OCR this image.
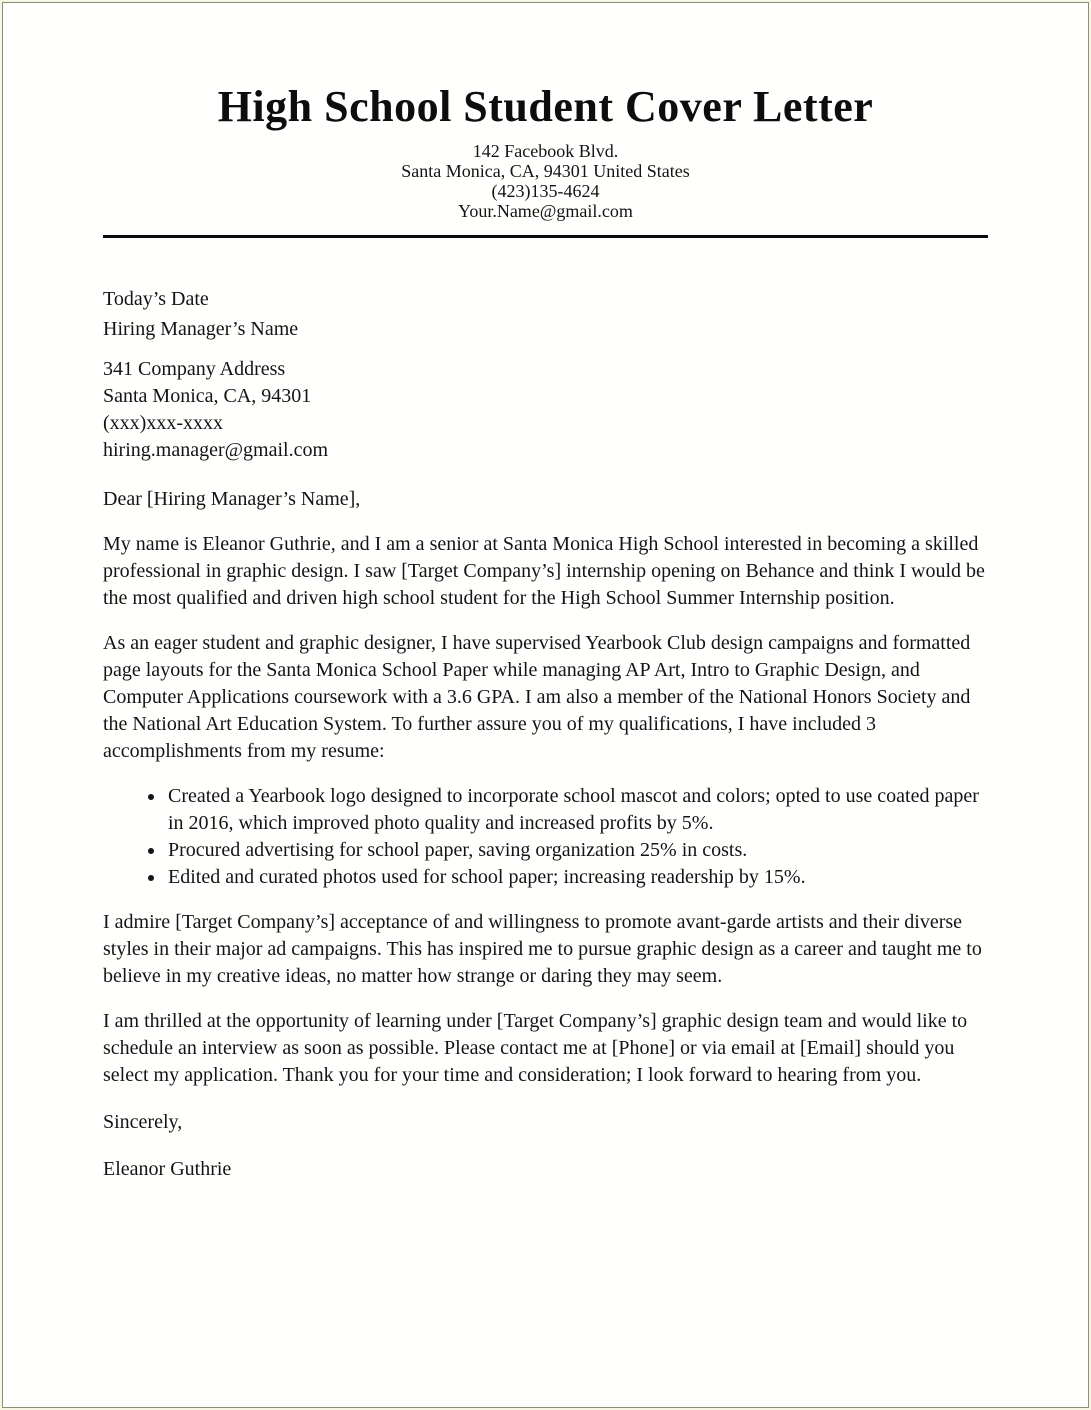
High School Student Cover Letter
142 Facebook Blvd.
Santa Monica, CA, 94301 United States
(423)135-4624
Your.Name@gmail.com
Today’s Date
Hiring Manager’s Name
341 Company Address
Santa Monica, CA, 94301
(xxx)xxx-xxxx
hiring.manager@gmail.com
Dear [Hiring Manager’s Name],

My name is Eleanor Guthrie, and I am a senior at Santa Monica High School interested in becoming a skilled professional in graphic design. I saw [Target Company’s] internship opening on Behance and think I would be the most qualified and driven high school student for the High School Summer Internship position.

As an eager student and graphic designer, I have supervised Yearbook Club design campaigns and formatted page layouts for the Santa Monica School Paper while managing AP Art, Intro to Graphic Design, and Computer Applications coursework with a 3.6 GPA. I am also a member of the National Honors Society and the National Art Education System. To further assure you of my qualifications, I have included 3 accomplishments from my resume:

• Created a Yearbook logo designed to incorporate school mascot and colors; opted to use coated paper in 2016, which improved photo quality and increased profits by 5%.
• Procured advertising for school paper, saving organization 25% in costs.
• Edited and curated photos used for school paper; increasing readership by 15%.

I admire [Target Company’s] acceptance of and willingness to promote avant-garde artists and their diverse styles in their major ad campaigns. This has inspired me to pursue graphic design as a career and taught me to believe in my creative ideas, no matter how strange or daring they may seem.

I am thrilled at the opportunity of learning under [Target Company’s] graphic design team and would like to schedule an interview as soon as possible. Please contact me at [Phone] or via email at [Email] should you select my application. Thank you for your time and consideration; I look forward to hearing from you.

Sincerely,
Eleanor Guthrie
